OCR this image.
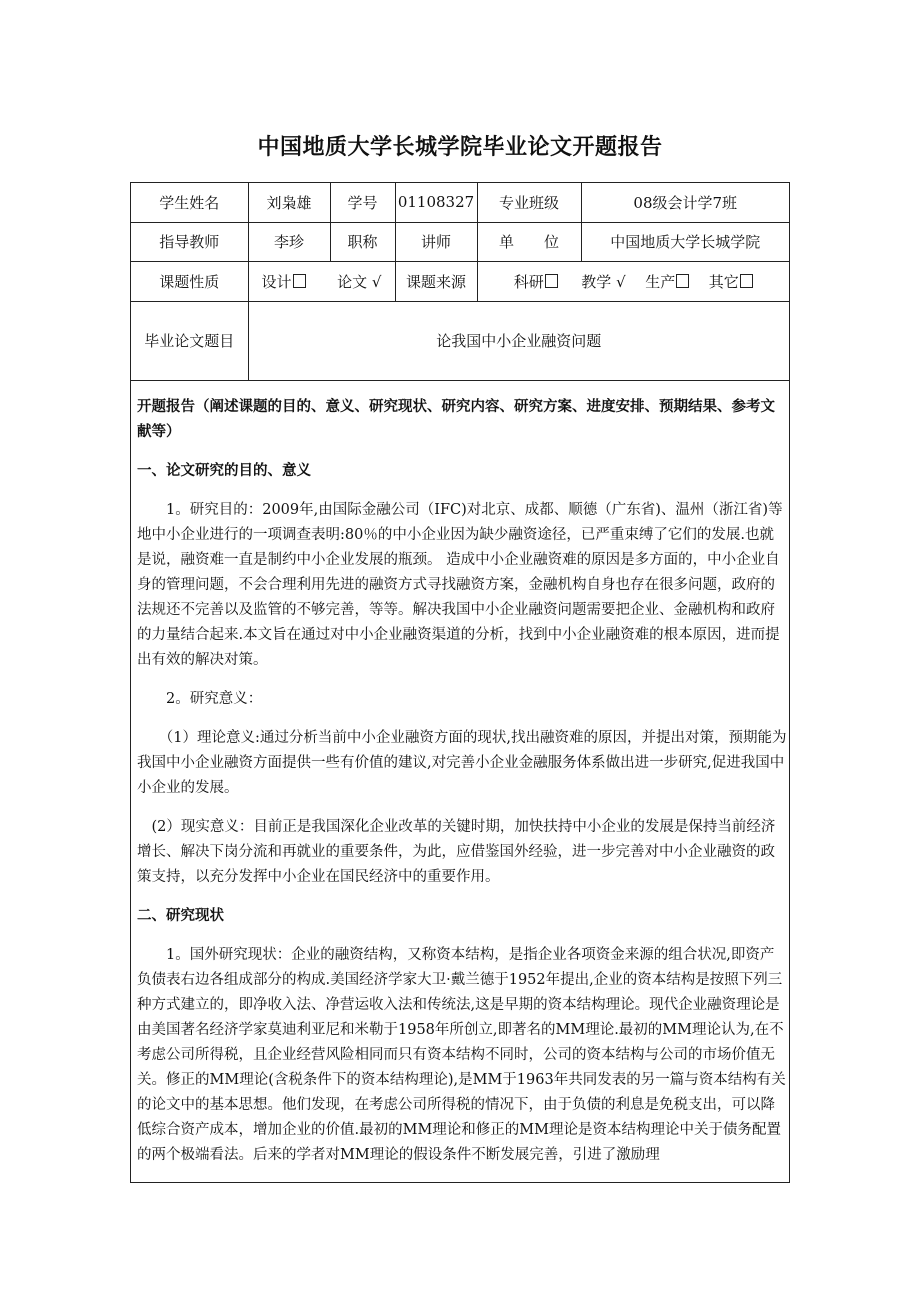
中国地质大学长城学院毕业论文开题报告
学生姓名	刘枭雄	学号	01108327	专业班级	08级会计学7班
指导教师	李珍	职称	讲师	单　　位	中国地质大学长城学院
课题性质	设计 论文 √		课题来源	科研 教学 √ 生产 其它	
毕业论文题目	论我国中小企业融资问题				

开题报告（阐述课题的目的、意义、研究现状、研究内容、研究方案、进度安排、预期结果、参考文献等）

一、论文研究的目的、意义

1。研究目的：2009年,由国际金融公司（IFC)对北京、成都、顺德（广东省)、温州（浙江省)等地中小企业进行的一项调查表明:80％的中小企业因为缺少融资途径，已严重束缚了它们的发展.也就是说，融资难一直是制约中小企业发展的瓶颈。 造成中小企业融资难的原因是多方面的，中小企业自身的管理问题，不会合理利用先进的融资方式寻找融资方案，金融机构自身也存在很多问题，政府的法规还不完善以及监管的不够完善，等等。解决我国中小企业融资问题需要把企业、金融机构和政府的力量结合起来.本文旨在通过对中小企业融资渠道的分析，找到中小企业融资难的根本原因，进而提出有效的解决对策。

2。研究意义：

（1）理论意义:通过分析当前中小企业融资方面的现状,找出融资难的原因，并提出对策，预期能为我国中小企业融资方面提供一些有价值的建议,对完善小企业金融服务体系做出进一步研究,促进我国中小企业的发展。

(2）现实意义：目前正是我国深化企业改革的关键时期，加快扶持中小企业的发展是保持当前经济增长、解决下岗分流和再就业的重要条件，为此，应借鉴国外经验，进一步完善对中小企业融资的政策支持，以充分发挥中小企业在国民经济中的重要作用。

二、研究现状

1。国外研究现状：企业的融资结构，又称资本结构，是指企业各项资金来源的组合状况,即资产负债表右边各组成部分的构成.美国经济学家大卫·戴兰德于1952年提出,企业的资本结构是按照下列三种方式建立的，即净收入法、净营运收入法和传统法,这是早期的资本结构理论。现代企业融资理论是由美国著名经济学家莫迪利亚尼和米勒于1958年所创立,即著名的MM理论.最初的MM理论认为,在不考虑公司所得税，且企业经营风险相同而只有资本结构不同时，公司的资本结构与公司的市场价值无关。修正的MM理论(含税条件下的资本结构理论),是MM于1963年共同发表的另一篇与资本结构有关的论文中的基本思想。他们发现，在考虑公司所得税的情况下，由于负债的利息是免税支出，可以降低综合资产成本，增加企业的价值.最初的MM理论和修正的MM理论是资本结构理论中关于债务配置的两个极端看法。后来的学者对MM理论的假设条件不断发展完善，引进了激励理
